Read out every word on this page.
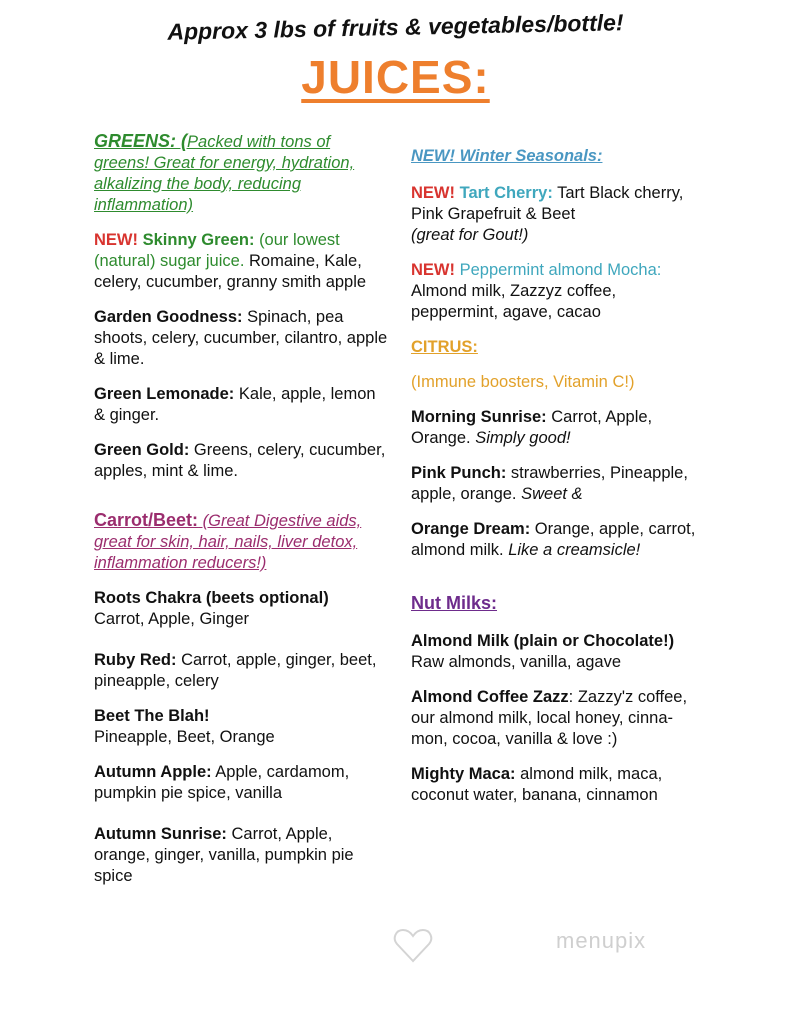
Approx 3 lbs of fruits & vegetables/bottle!
JUICES:
GREENS: (Packed with tons of greens! Great for energy, hydration, alkalizing the body, reducing inflammation)
NEW! Skinny Green: (our lowest (natural) sugar juice. Romaine, Kale, celery, cucumber, granny smith apple
Garden Goodness: Spinach, pea shoots, celery, cucumber, cilantro, apple & lime.
Green Lemonade: Kale, apple, lemon & ginger.
Green Gold: Greens, celery, cucumber, apples, mint & lime.
Carrot/Beet: (Great Digestive aids, great for skin, hair, nails, liver detox, inflammation reducers!)
Roots Chakra (beets optional)
Carrot, Apple, Ginger
Ruby Red: Carrot, apple, ginger, beet, pineapple, celery
Beet The Blah!
Pineapple, Beet, Orange
Autumn Apple: Apple, cardamom, pumpkin pie spice, vanilla
Autumn Sunrise: Carrot, Apple, orange, ginger, vanilla, pumpkin pie spice
NEW! Winter Seasonals:
NEW! Tart Cherry: Tart Black cherry, Pink Grapefruit & Beet
(great for Gout!)
NEW! Peppermint almond Mocha:
Almond milk, Zazzyz coffee, peppermint, agave, cacao
CITRUS:
(Immune boosters, Vitamin C!)
Morning Sunrise: Carrot, Apple, Orange. Simply good!
Pink Punch: strawberries, Pineapple, apple, orange. Sweet &
Orange Dream: Orange, apple, carrot, almond milk. Like a creamsicle!
Nut Milks:
Almond Milk (plain or Chocolate!) Raw almonds, vanilla, agave
Almond Coffee Zazz: Zazzy'z coffee, our almond milk, local honey, cinna- mon, cocoa, vanilla & love :)
Mighty Maca: almond milk, maca, coconut water, banana, cinnamon
menupix
